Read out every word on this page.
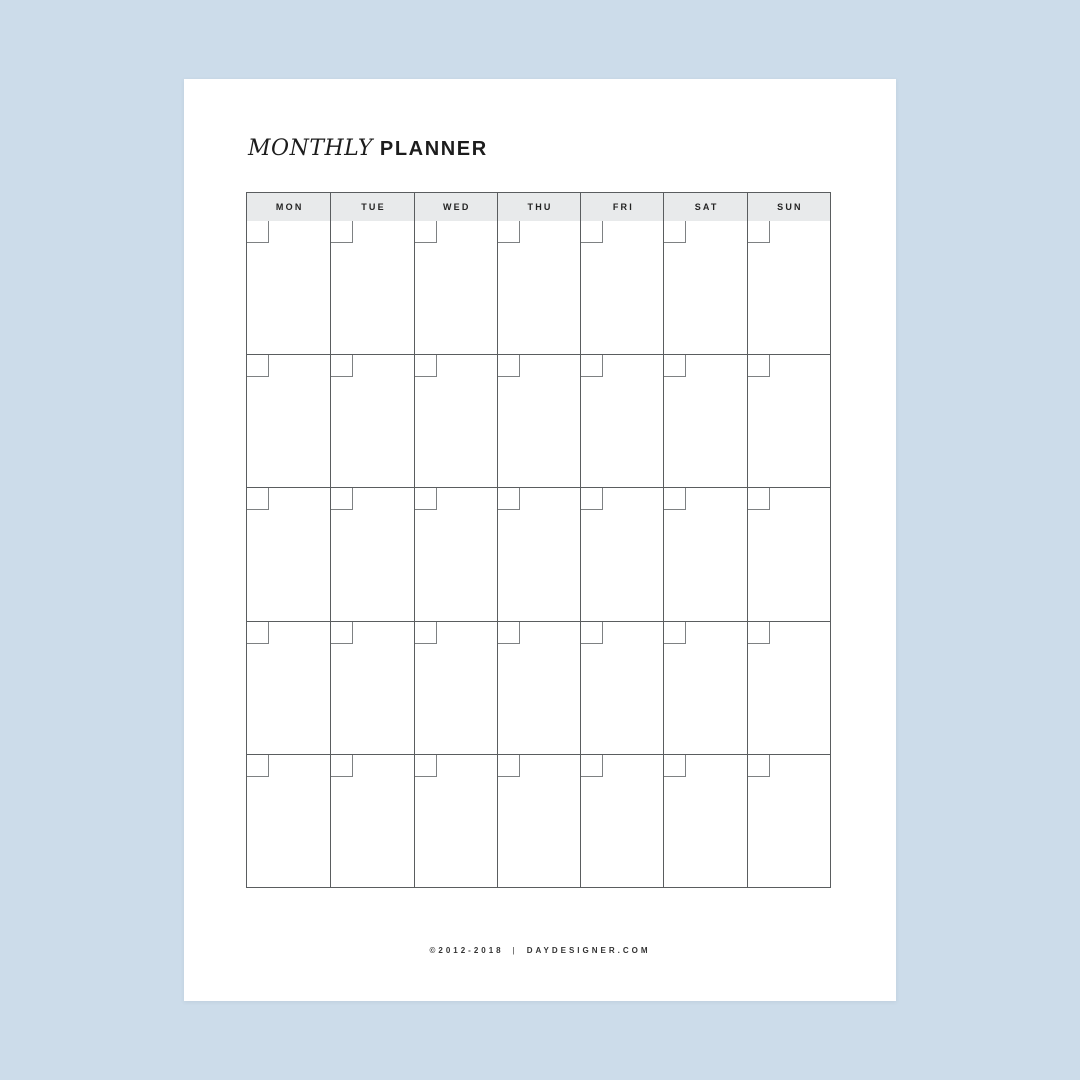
MONTHLY PLANNER
MON	TUE	WED	THU	FRI	SAT	SUN
©2012-2018 | DAYDESIGNER.COM
